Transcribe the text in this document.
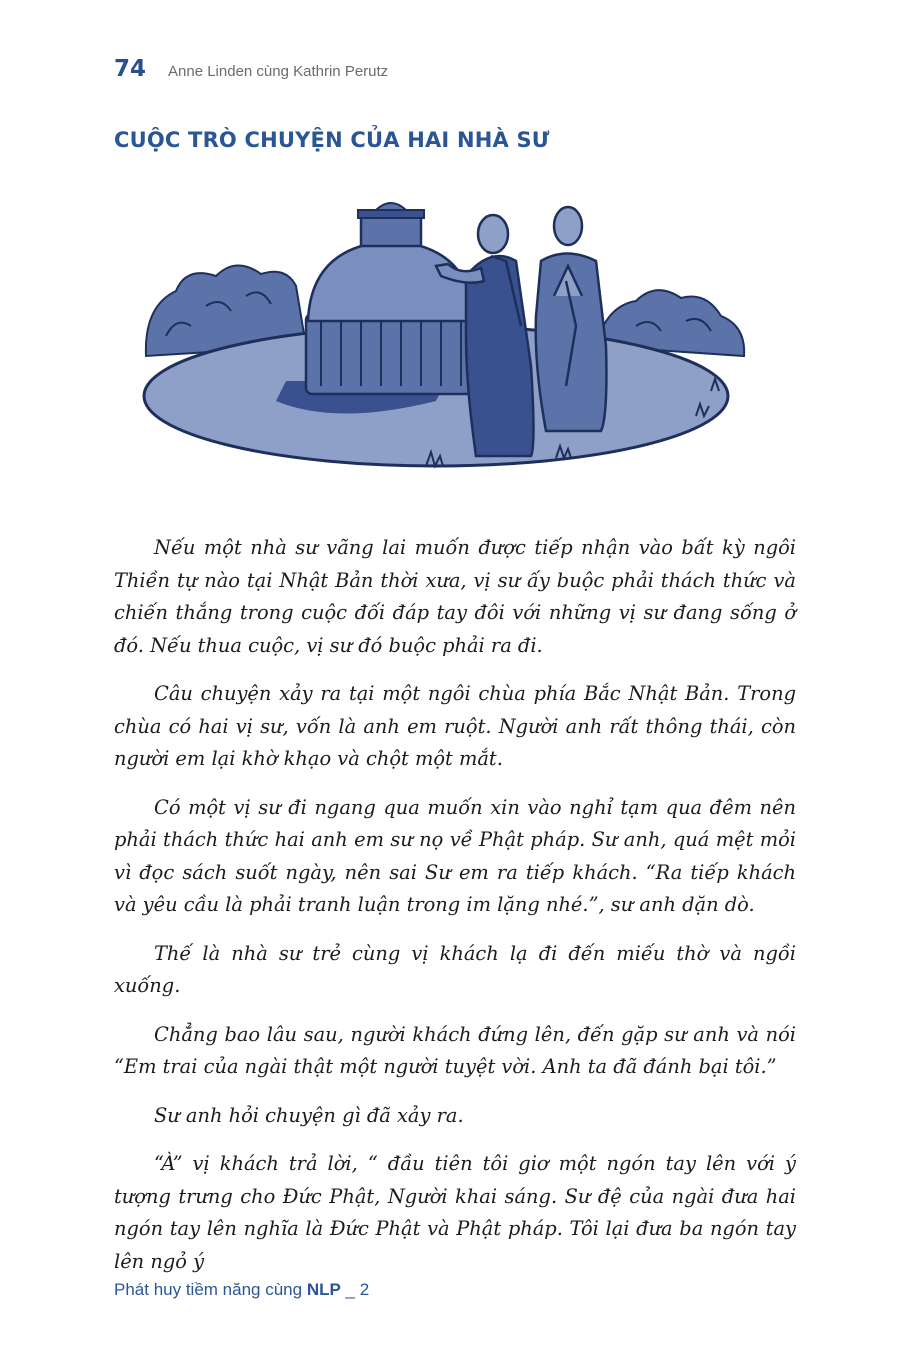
74 Anne Linden cùng Kathrin Perutz
CUỘC TRÒ CHUYỆN CỦA HAI NHÀ SƯ

Nếu một nhà sư vãng lai muốn được tiếp nhận vào bất kỳ ngôi Thiền tự nào tại Nhật Bản thời xưa, vị sư ấy buộc phải thách thức và chiến thắng trong cuộc đối đáp tay đôi với những vị sư đang sống ở đó. Nếu thua cuộc, vị sư đó buộc phải ra đi.

Câu chuyện xảy ra tại một ngôi chùa phía Bắc Nhật Bản. Trong chùa có hai vị sư, vốn là anh em ruột. Người anh rất thông thái, còn người em lại khờ khạo và chột một mắt.

Có một vị sư đi ngang qua muốn xin vào nghỉ tạm qua đêm nên phải thách thức hai anh em sư nọ về Phật pháp. Sư anh, quá mệt mỏi vì đọc sách suốt ngày, nên sai Sư em ra tiếp khách. “Ra tiếp khách và yêu cầu là phải tranh luận trong im lặng nhé.”, sư anh dặn dò.

Thế là nhà sư trẻ cùng vị khách lạ đi đến miếu thờ và ngồi xuống.

Chẳng bao lâu sau, người khách đứng lên, đến gặp sư anh và nói “Em trai của ngài thật một người tuyệt vời. Anh ta đã đánh bại tôi.”

Sư anh hỏi chuyện gì đã xảy ra.

“À” vị khách trả lời, “ đầu tiên tôi giơ một ngón tay lên với ý tượng trưng cho Đức Phật, Người khai sáng. Sư đệ của ngài đưa hai ngón tay lên nghĩa là Đức Phật và Phật pháp. Tôi lại đưa ba ngón tay lên ngỏ ý

Phát huy tiềm năng cùng NLP _ 2
